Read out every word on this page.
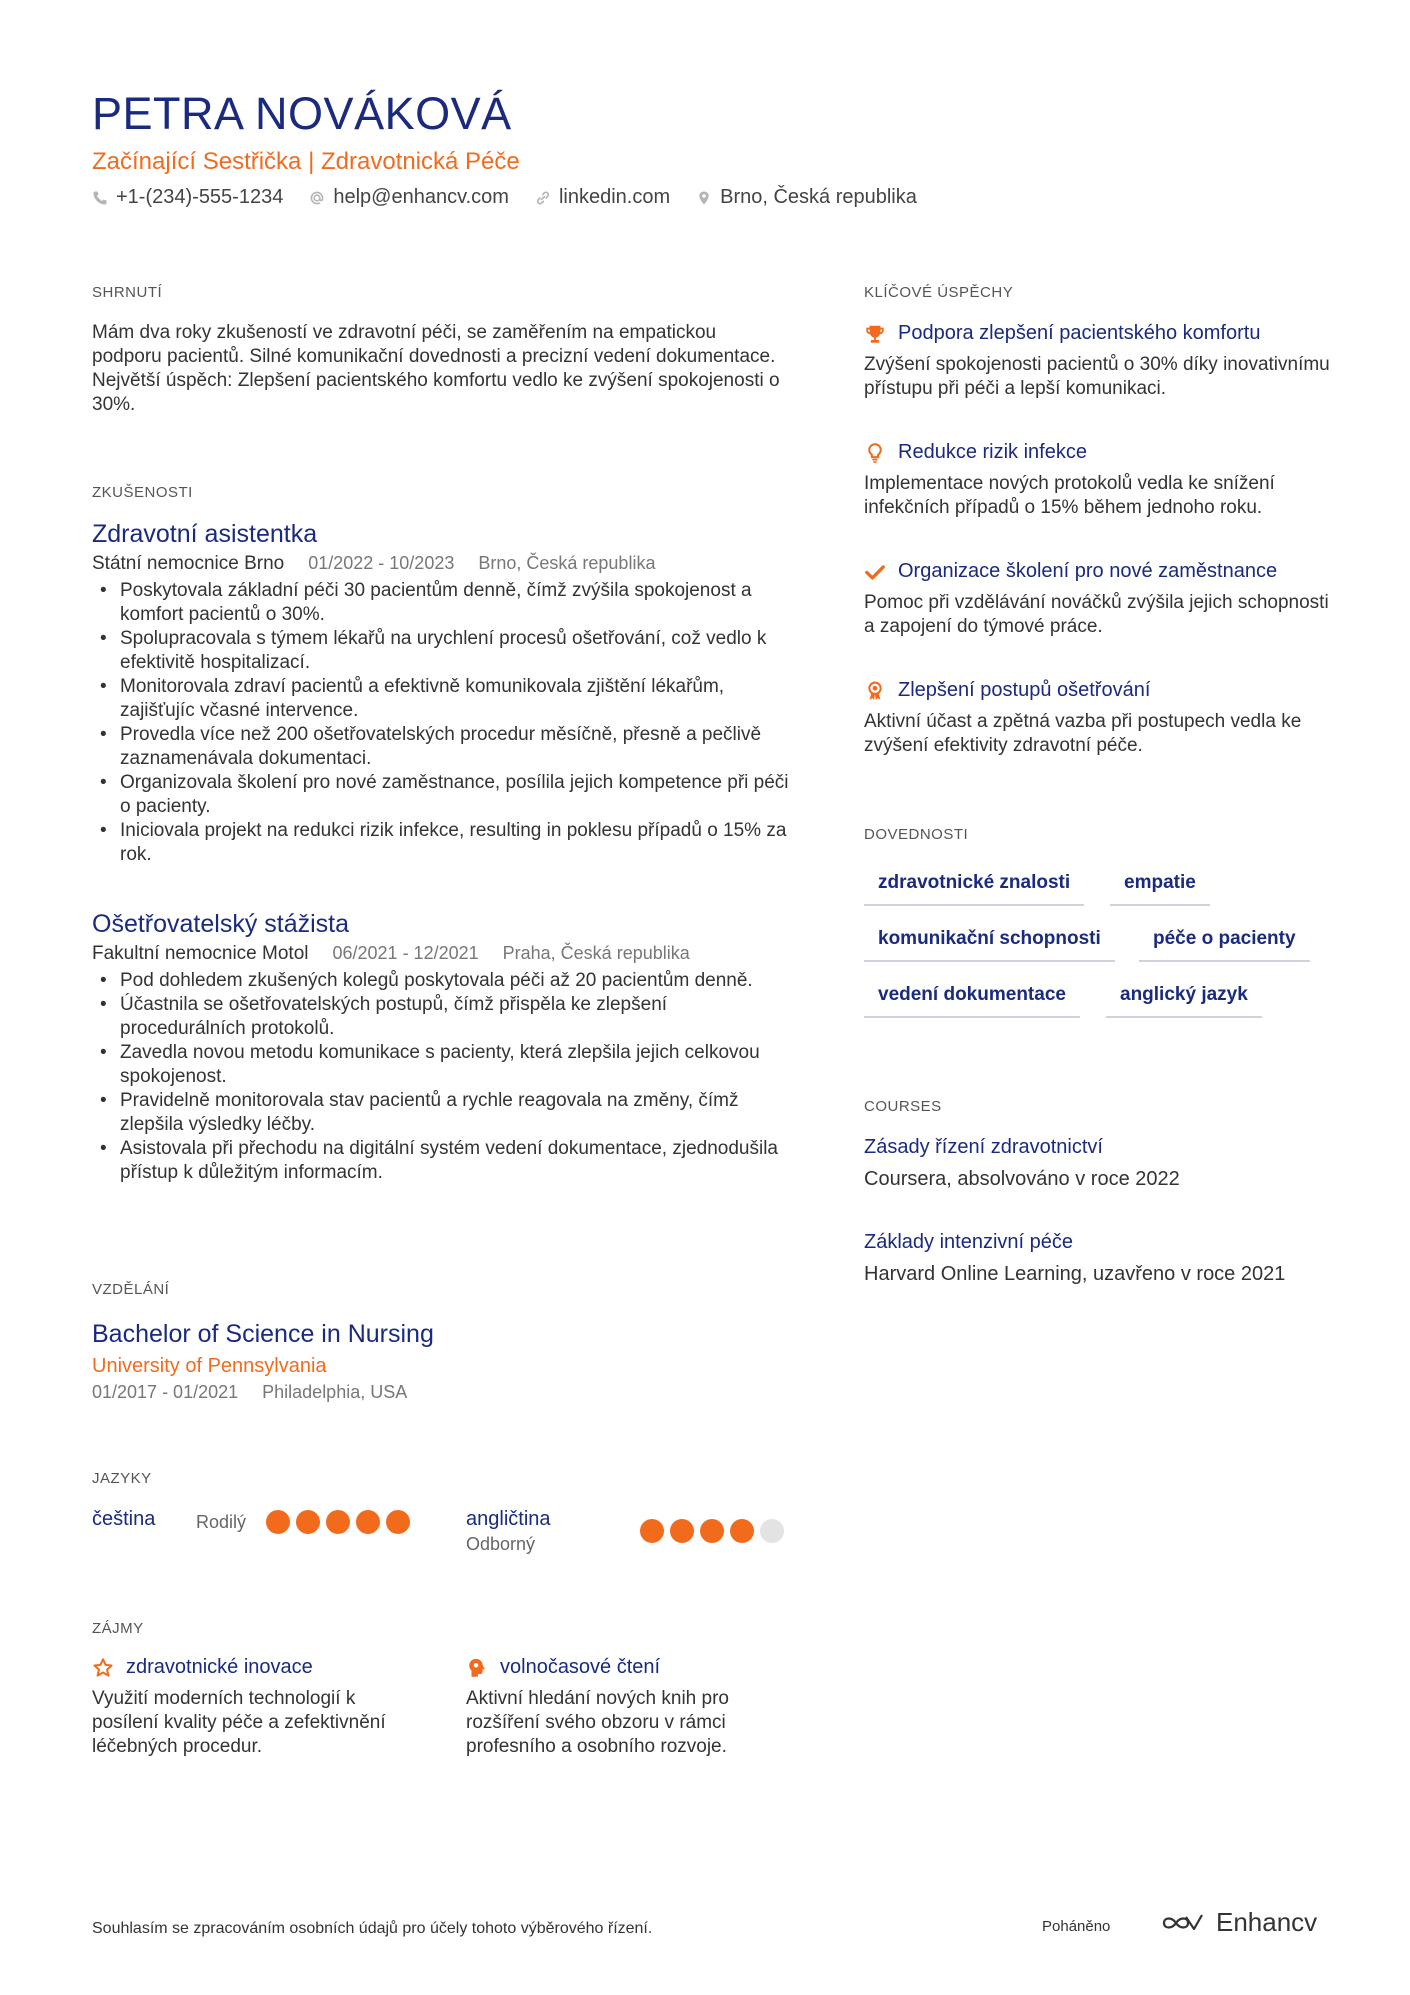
PETRA NOVÁKOVÁ
Začínající Sestřička | Zdravotnická Péče
+1-(234)-555-1234	help@enhancv.com	linkedin.com	Brno, Česká republika
SHRNUTÍ
Mám dva roky zkušeností ve zdravotní péči, se zaměřením na empatickou podporu pacientů. Silné komunikační dovednosti a precizní vedení dokumentace. Největší úspěch: Zlepšení pacientského komfortu vedlo ke zvýšení spokojenosti o 30%.
ZKUŠENOSTI
Zdravotní asistentka
Státní nemocnice Brno 01/2022 - 10/2023 Brno, Česká republika
• Poskytovala základní péči 30 pacientům denně, čímž zvýšila spokojenost a komfort pacientů o 30%.
• Spolupracovala s týmem lékařů na urychlení procesů ošetřování, což vedlo k efektivitě hospitalizací.
• Monitorovala zdraví pacientů a efektivně komunikovala zjištění lékařům, zajišťujíc včasné intervence.
• Provedla více než 200 ošetřovatelských procedur měsíčně, přesně a pečlivě zaznamenávala dokumentaci.
• Organizovala školení pro nové zaměstnance, posílila jejich kompetence při péči o pacienty.
• Iniciovala projekt na redukci rizik infekce, resulting in poklesu případů o 15% za rok.
Ošetřovatelský stážista
Fakultní nemocnice Motol 06/2021 - 12/2021 Praha, Česká republika
• Pod dohledem zkušených kolegů poskytovala péči až 20 pacientům denně.
• Účastnila se ošetřovatelských postupů, čímž přispěla ke zlepšení procedurálních protokolů.
• Zavedla novou metodu komunikace s pacienty, která zlepšila jejich celkovou spokojenost.
• Pravidelně monitorovala stav pacientů a rychle reagovala na změny, čímž zlepšila výsledky léčby.
• Asistovala při přechodu na digitální systém vedení dokumentace, zjednodušila přístup k důležitým informacím.
VZDĚLÁNÍ
Bachelor of Science in Nursing
University of Pennsylvania
01/2017 - 01/2021 Philadelphia, USA
JAZYKY
čeština Rodilý	angličtina
Odborný
ZÁJMY
zdravotnické inovace
Využití moderních technologií k posílení kvality péče a zefektivnění léčebných procedur.
volnočasové čtení
Aktivní hledání nových knih pro rozšíření svého obzoru v rámci profesního a osobního rozvoje.
KLÍČOVÉ ÚSPĚCHY
Podpora zlepšení pacientského komfortu
Zvýšení spokojenosti pacientů o 30% díky inovativnímu přístupu při péči a lepší komunikaci.
Redukce rizik infekce
Implementace nových protokolů vedla ke snížení infekčních případů o 15% během jednoho roku.
Organizace školení pro nové zaměstnance
Pomoc při vzdělávání nováčků zvýšila jejich schopnosti a zapojení do týmové práce.
Zlepšení postupů ošetřování
Aktivní účast a zpětná vazba při postupech vedla ke zvýšení efektivity zdravotní péče.
DOVEDNOSTI
zdravotnické znalosti	empatie
komunikační schopnosti	péče o pacienty
vedení dokumentace	anglický jazyk
COURSES
Zásady řízení zdravotnictví
Coursera, absolvováno v roce 2022
Základy intenzivní péče
Harvard Online Learning, uzavřeno v roce 2021
Souhlasím se zpracováním osobních údajů pro účely tohoto výběrového řízení.	Poháněno	Enhancv
